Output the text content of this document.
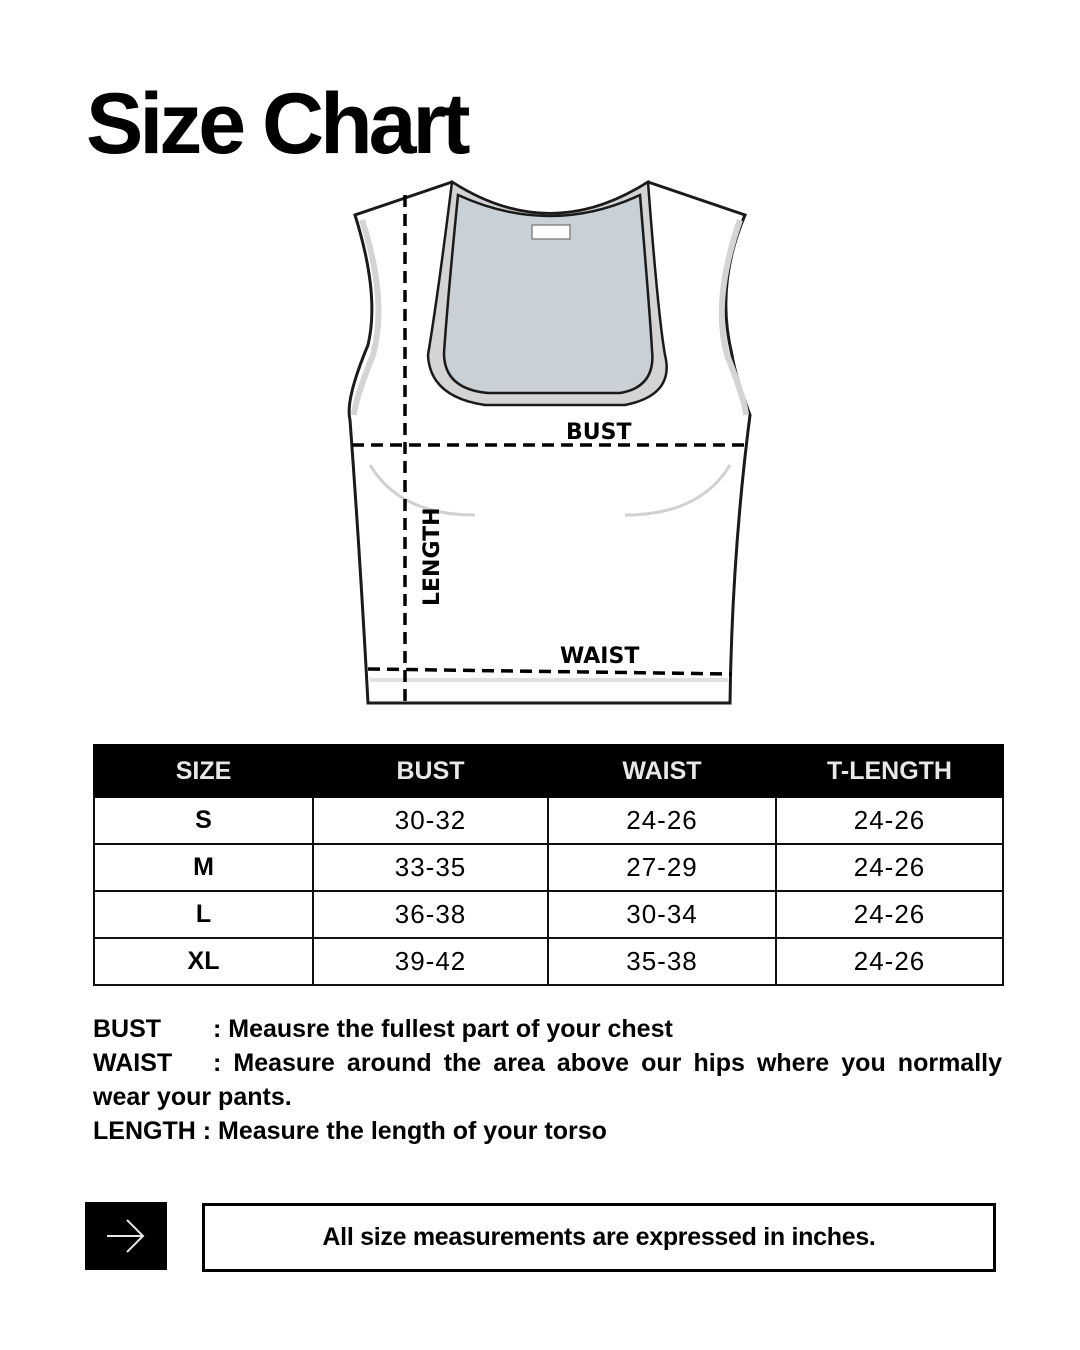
Size Chart
BUST
WAIST
LENGTH
SIZE	BUST	WAIST	T-LENGTH
S	30-32	24-26	24-26
M	33-35	27-29	24-26
L	36-38	30-34	24-26
XL	39-42	35-38	24-26

BUST : Meausre the fullest part of your chest

WAIST : Measure around the area above our hips where you normally wear your pants.

LENGTH : Measure the length of your torso

All size measurements are expressed in inches.
